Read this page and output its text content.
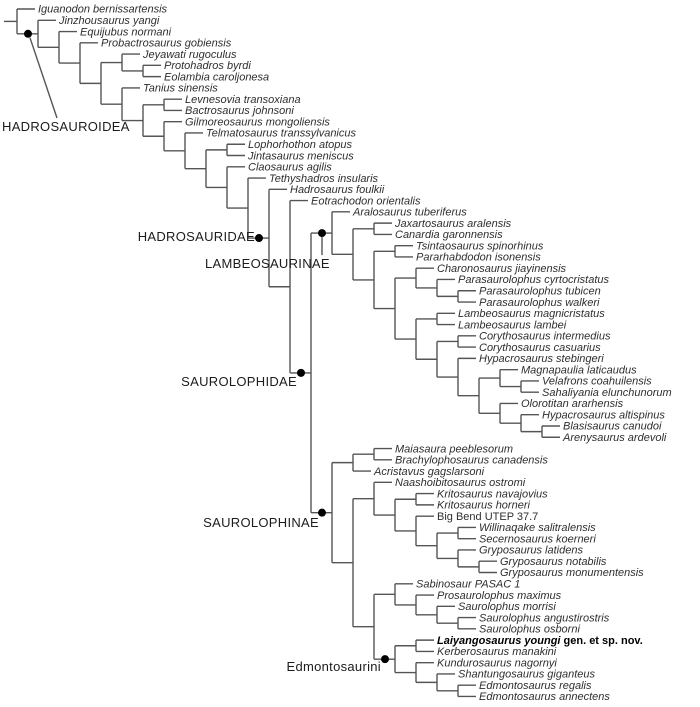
Iguanodon bernissartensis
Jinzhousaurus yangi
Equijubus normani
Probactrosaurus gobiensis
Jeyawati rugoculus
Protohadros byrdi
Eolambia caroljonesa
Tanius sinensis
Levnesovia transoxiana
Bactrosaurus johnsoni
Gilmoreosaurus mongoliensis
Telmatosaurus transsylvanicus
Lophorhothon atopus
Jintasaurus meniscus
Claosaurus agilis
Tethyshadros insularis
Hadrosaurus foulkii
Eotrachodon orientalis
Aralosaurus tuberiferus
Jaxartosaurus aralensis
Canardia garonnensis
Tsintaosaurus spinorhinus
Pararhabdodon isonensis
Charonosaurus jiayinensis
Parasaurolophus cyrtocristatus
Parasaurolophus tubicen
Parasaurolophus walkeri
Lambeosaurus magnicristatus
Lambeosaurus lambei
Corythosaurus intermedius
Corythosaurus casuarius
Hypacrosaurus stebingeri
Magnapaulia laticaudus
Velafrons coahuilensis
Sahaliyania elunchunorum
Olorotitan ararhensis
Hypacrosaurus altispinus
Blasisaurus canudoi
Arenysaurus ardevoli
Maiasaura peeblesorum
Brachylophosaurus canadensis
Acristavus gagslarsoni
Naashoibitosaurus ostromi
Kritosaurus navajovius
Kritosaurus horneri
Big Bend UTEP 37.7
Willinaqake salitralensis
Secernosaurus koerneri
Gryposaurus latidens
Gryposaurus notabilis
Gryposaurus monumentensis
Sabinosaur PASAC 1
Prosaurolophus maximus
Saurolophus morrisi
Saurolophus angustirostris
Saurolophus osborni
Laiyangosaurus youngi gen. et sp. nov.
Kerberosaurus manakini
Kundurosaurus nagornyi
Shantungosaurus giganteus
Edmontosaurus regalis
Edmontosaurus annectens
HADROSAUROIDEA
HADROSAURIDAE
LAMBEOSAURINAE
SAUROLOPHIDAE
SAUROLOPHINAE
Edmontosaurini
